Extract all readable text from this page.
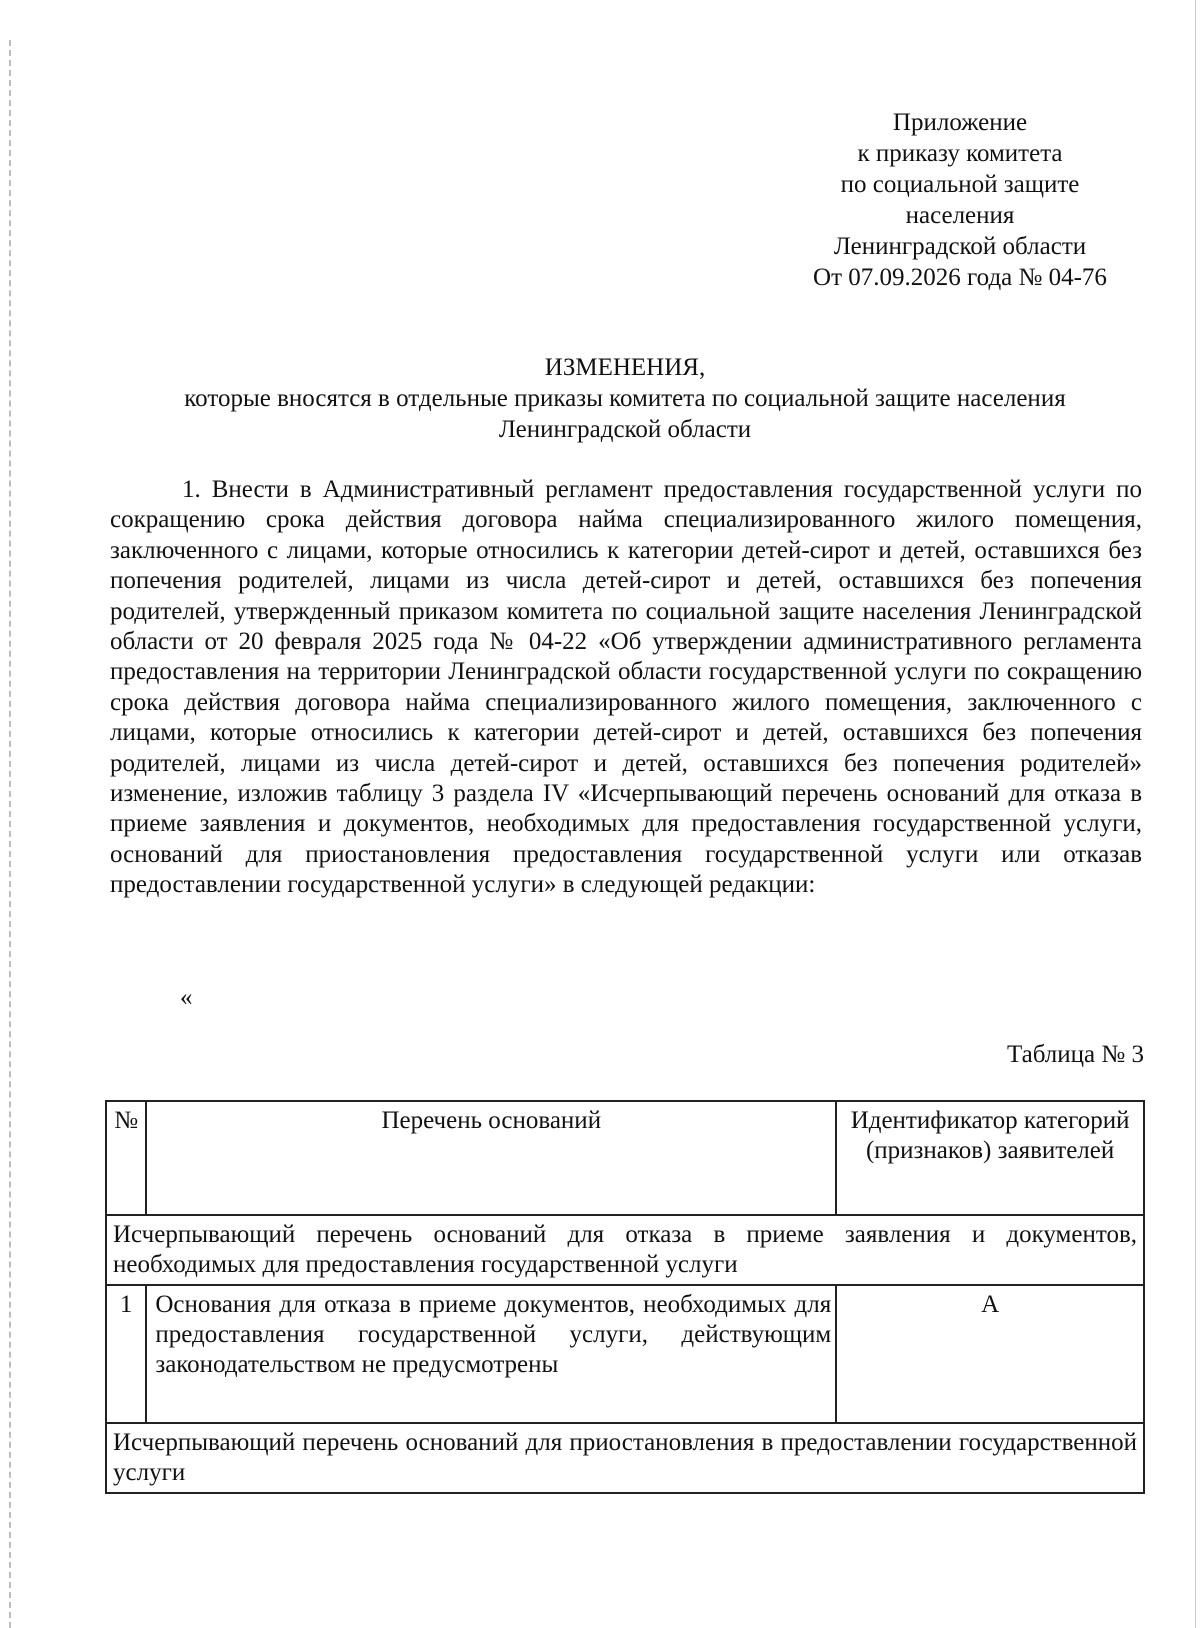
Приложение
к приказу комитета
по социальной защите
населения
Ленинградской области
От 07.09.2026 года № 04-76
ИЗМЕНЕНИЯ,
которые вносятся в отдельные приказы комитета по социальной защите населения
Ленинградской области

1. Внести в Административный регламент предоставления государственной услуги по сокращению срока действия договора найма специализированного жилого помещения, заключенного с лицами, которые относились к категории детей-сирот и детей, оставшихся без попечения родителей, лицами из числа детей-сирот и детей, оставшихся без попечения родителей, утвержденный приказом комитета по социальной защите населения Ленинградской области от 20 февраля 2025 года № 04-22 «Об утверждении административного регламента предоставления на территории Ленинградской области государственной услуги по сокращению срока действия договора найма специализированного жилого помещения, заключенного с лицами, которые относились к категории детей-сирот и детей, оставшихся без попечения родителей, лицами из числа детей-сирот и детей, оставшихся без попечения родителей» изменение, изложив таблицу 3 раздела IV «Исчерпывающий перечень оснований для отказа в приеме заявления и документов, необходимых для предоставления государственной услуги, оснований для приостановления предоставления государственной услуги или отказав предоставлении государственной услуги» в следующей редакции:

«
Таблица № 3
№	Перечень оснований	Идентификатор категорий (признаков) заявителей
Исчерпывающий перечень оснований для отказа в приеме заявления и документов, необходимых для предоставления государственной услуги		
1	Основания для отказа в приеме документов, необходимых для предоставления государственной услуги, действующим законодательством не предусмотрены	А
Исчерпывающий перечень оснований для приостановления в предоставлении государственной услуги		
